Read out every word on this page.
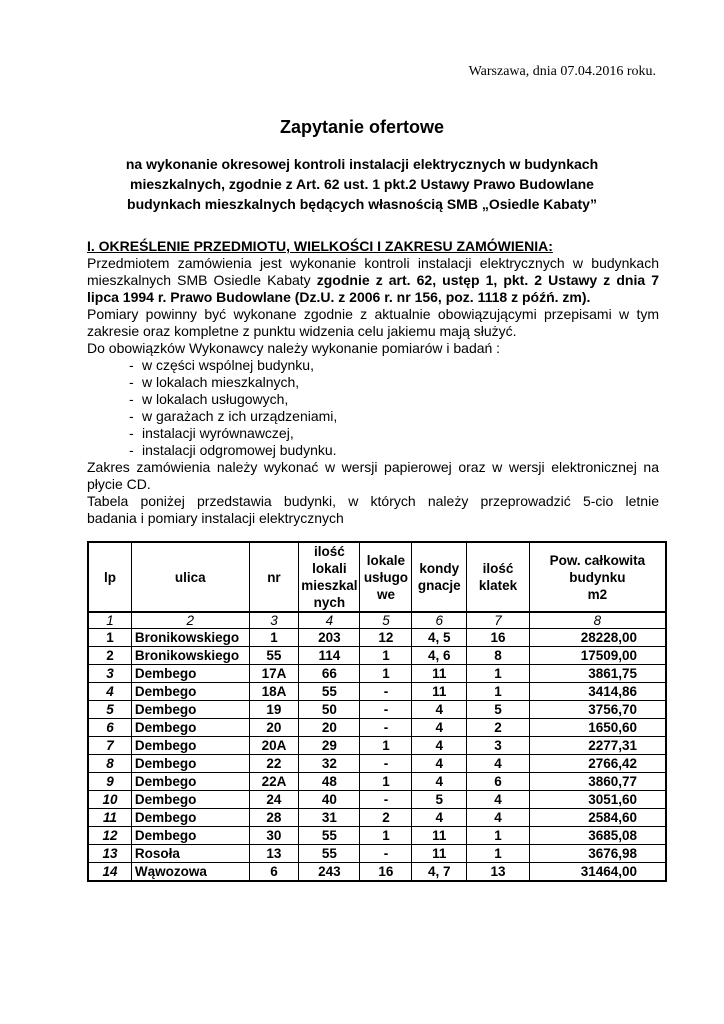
Warszawa, dnia 07.04.2016 roku.
Zapytanie ofertowe
na wykonanie okresowej kontroli instalacji elektrycznych w budynkach
mieszkalnych, zgodnie z Art. 62 ust. 1 pkt.2 Ustawy Prawo Budowlane
budynkach mieszkalnych będących własnością SMB „Osiedle Kabaty”
I. OKREŚLENIE PRZEDMIOTU, WIELKOŚCI I ZAKRESU ZAMÓWIENIA:
Przedmiotem zamówienia jest wykonanie kontroli instalacji elektrycznych w budynkach
mieszkalnych SMB Osiedle Kabaty zgodnie z art. 62, ustęp 1, pkt. 2 Ustawy z dnia 7
lipca 1994 r. Prawo Budowlane (Dz.U. z 2006 r. nr 156, poz. 1118 z późń. zm).
Pomiary powinny być wykonane zgodnie z aktualnie obowiązującymi przepisami w tym
zakresie oraz kompletne z punktu widzenia celu jakiemu mają służyć.
Do obowiązków Wykonawcy należy wykonanie pomiarów i badań :
- w części wspólnej budynku,
- w lokalach mieszkalnych,
- w lokalach usługowych,
- w garażach z ich urządzeniami,
- instalacji wyrównawczej,
- instalacji odgromowej budynku.
Zakres zamówienia należy wykonać w wersji papierowej oraz w wersji elektronicznej na
płycie CD.
Tabela poniżej przedstawia budynki, w których należy przeprowadzić 5-cio letnie
badania i pomiary instalacji elektrycznych
lp	ulica	nr	ilość
lokali
mieszkal
nych	lokale
usługo
we	kondy
gnacje	ilość
klatek	Pow. całkowita
budynku
m2
1	2	3	4	5	6	7	8
1	Bronikowskiego	1	203	12	4, 5	16	28228,00
2	Bronikowskiego	55	114	1	4, 6	8	17509,00
3	Dembego	17A	66	1	11	1	3861,75
4	Dembego	18A	55	-	11	1	3414,86
5	Dembego	19	50	-	4	5	3756,70
6	Dembego	20	20	-	4	2	1650,60
7	Dembego	20A	29	1	4	3	2277,31
8	Dembego	22	32	-	4	4	2766,42
9	Dembego	22A	48	1	4	6	3860,77
10	Dembego	24	40	-	5	4	3051,60
11	Dembego	28	31	2	4	4	2584,60
12	Dembego	30	55	1	11	1	3685,08
13	Rosoła	13	55	-	11	1	3676,98
14	Wąwozowa	6	243	16	4, 7	13	31464,00
